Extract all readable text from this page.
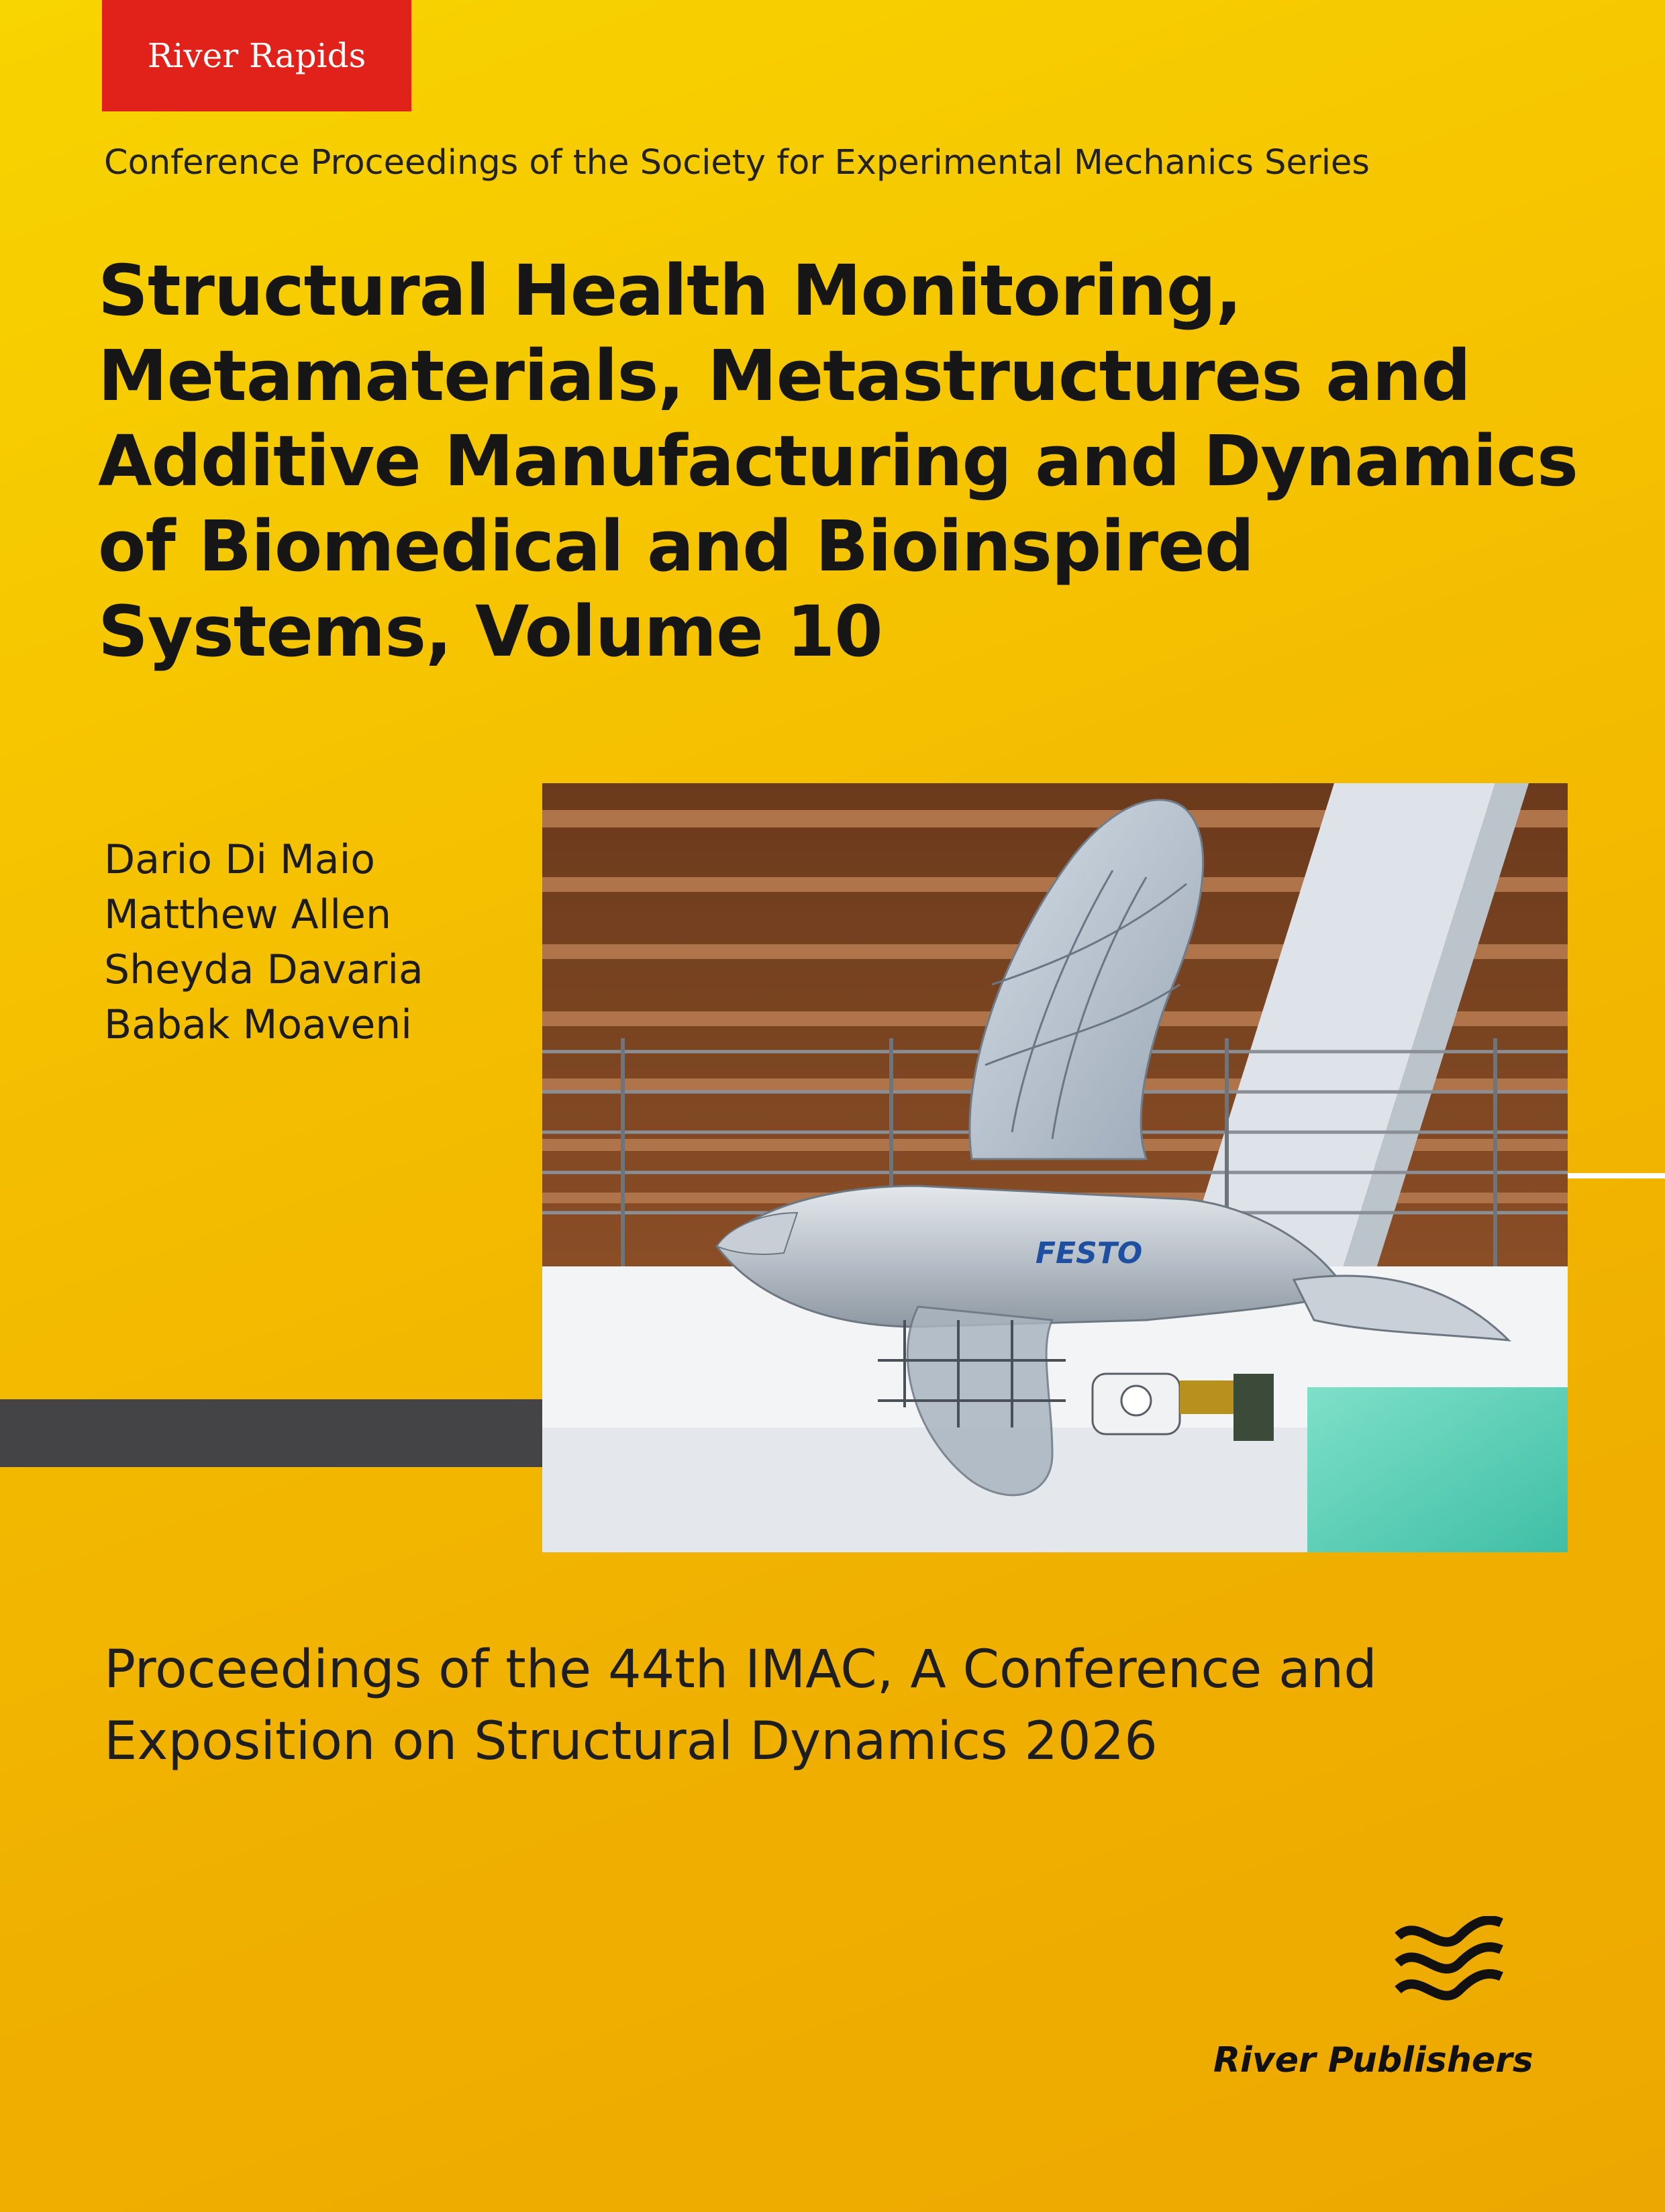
River Rapids
Conference Proceedings of the Society for Experimental Mechanics Series
Structural Health Monitoring,
Metamaterials, Metastructures and
Additive Manufacturing and Dynamics
of Biomedical and Bioinspired
Systems, Volume 10
Dario Di Maio
Matthew Allen
Sheyda Davaria
Babak Moaveni
FESTO
Proceedings of the 44th IMAC, A Conference and
Exposition on Structural Dynamics 2026
River Publishers
